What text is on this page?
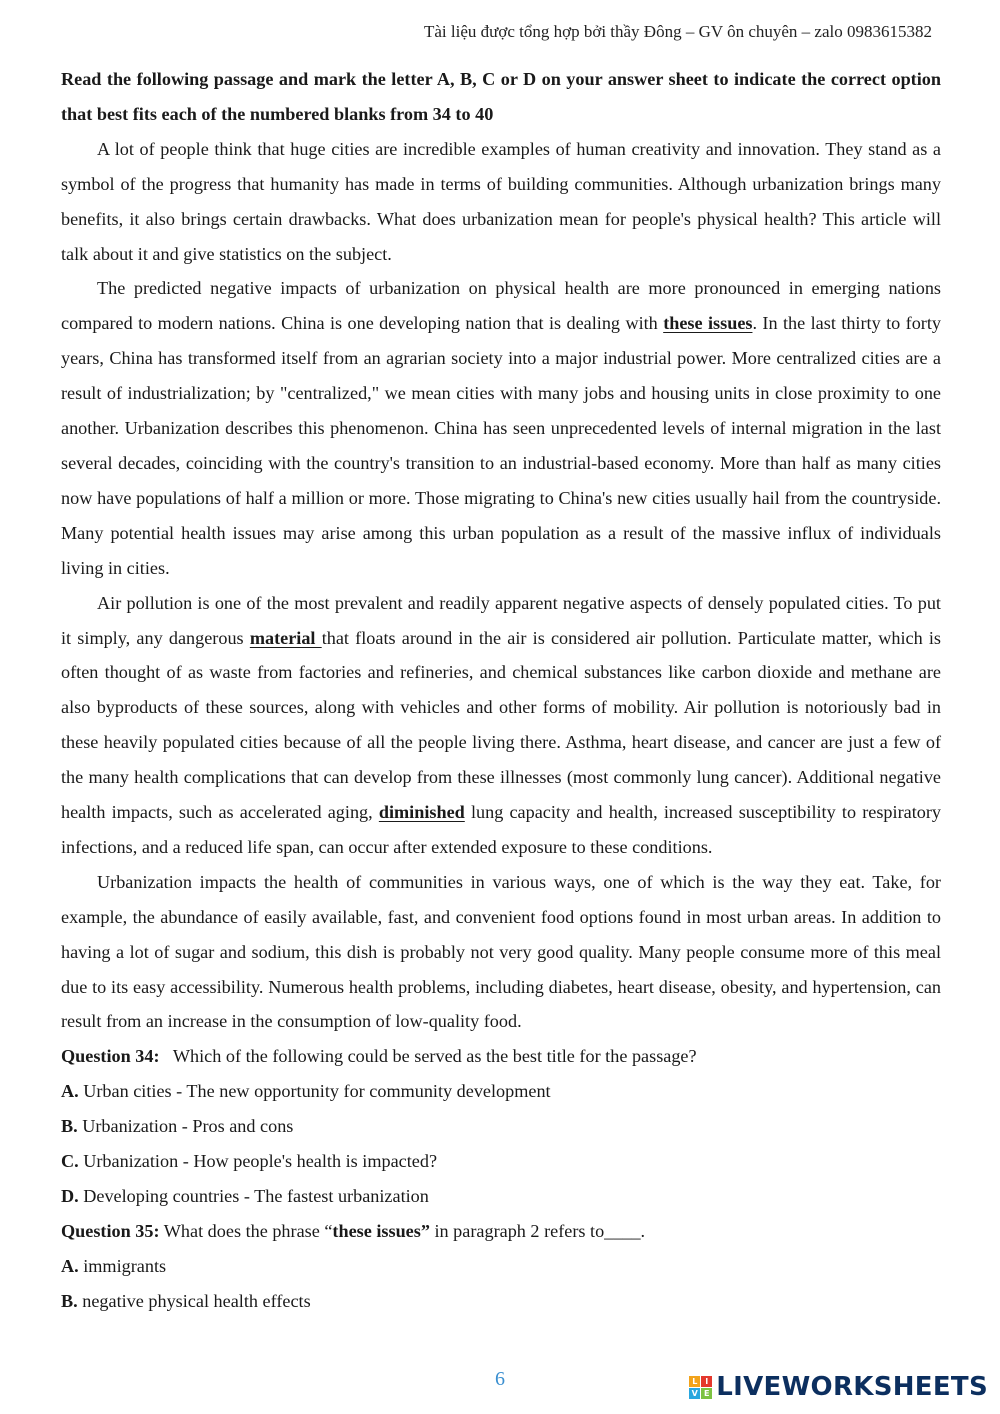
Tài liệu được tổng hợp bởi thầy Đông – GV ôn chuyên – zalo 0983615382

Read the following passage and mark the letter A, B, C or D on your answer sheet to indicate the correct option that best fits each of the numbered blanks from 34 to 40

A lot of people think that huge cities are incredible examples of human creativity and innovation. They stand as a symbol of the progress that humanity has made in terms of building communities. Although urbanization brings many benefits, it also brings certain drawbacks. What does urbanization mean for people's physical health? This article will talk about it and give statistics on the subject.

The predicted negative impacts of urbanization on physical health are more pronounced in emerging nations compared to modern nations. China is one developing nation that is dealing with these issues. In the last thirty to forty years, China has transformed itself from an agrarian society into a major industrial power. More centralized cities are a result of industrialization; by "centralized," we mean cities with many jobs and housing units in close proximity to one another. Urbanization describes this phenomenon. China has seen unprecedented levels of internal migration in the last several decades, coinciding with the country's transition to an industrial-based economy. More than half as many cities now have populations of half a million or more. Those migrating to China's new cities usually hail from the countryside. Many potential health issues may arise among this urban population as a result of the massive influx of individuals living in cities.

Air pollution is one of the most prevalent and readily apparent negative aspects of densely populated cities. To put it simply, any dangerous material that floats around in the air is considered air pollution. Particulate matter, which is often thought of as waste from factories and refineries, and chemical substances like carbon dioxide and methane are also byproducts of these sources, along with vehicles and other forms of mobility. Air pollution is notoriously bad in these heavily populated cities because of all the people living there. Asthma, heart disease, and cancer are just a few of the many health complications that can develop from these illnesses (most commonly lung cancer). Additional negative health impacts, such as accelerated aging, diminished lung capacity and health, increased susceptibility to respiratory infections, and a reduced life span, can occur after extended exposure to these conditions.

Urbanization impacts the health of communities in various ways, one of which is the way they eat. Take, for example, the abundance of easily available, fast, and convenient food options found in most urban areas. In addition to having a lot of sugar and sodium, this dish is probably not very good quality. Many people consume more of this meal due to its easy accessibility. Numerous health problems, including diabetes, heart disease, obesity, and hypertension, can result from an increase in the consumption of low-quality food.

Question 34: Which of the following could be served as the best title for the passage?

A. Urban cities - The new opportunity for community development

B. Urbanization - Pros and cons

C. Urbanization - How people's health is impacted?

D. Developing countries - The fastest urbanization

Question 35: What does the phrase “these issues” in paragraph 2 refers to____.

A. immigrants

B. negative physical health effects

6	L I
V E LIVEWORKSHEETS
